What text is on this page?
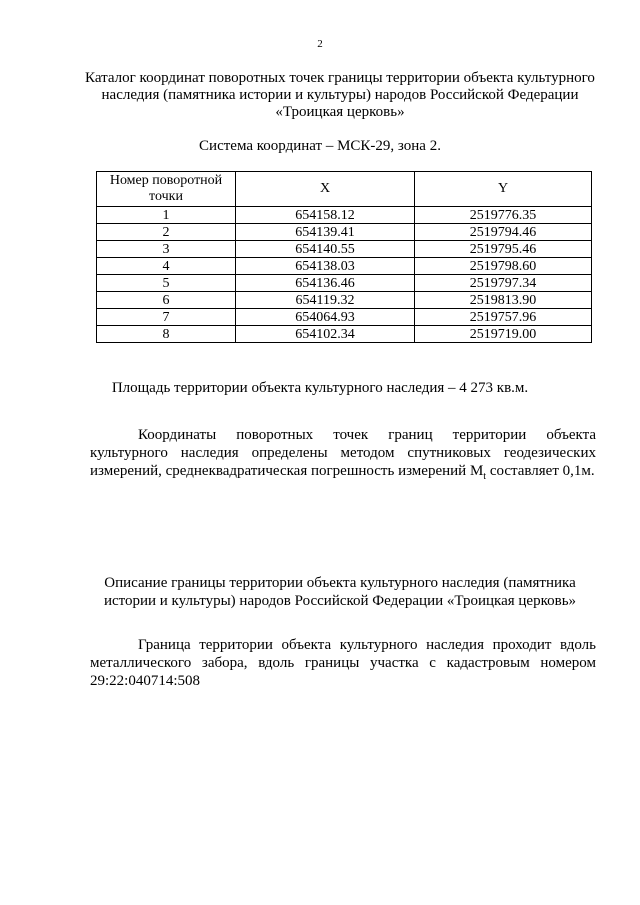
2
Каталог координат поворотных точек границы территории объекта культурного наследия (памятника истории и культуры) народов Российской Федерации «Троицкая церковь»
Система координат – МСК-29, зона 2.
Номер поворотной точки	X	Y
1	654158.12	2519776.35
2	654139.41	2519794.46
3	654140.55	2519795.46
4	654138.03	2519798.60
5	654136.46	2519797.34
6	654119.32	2519813.90
7	654064.93	2519757.96
8	654102.34	2519719.00
Площадь территории объекта культурного наследия – 4 273 кв.м.
Координаты поворотных точек границ территории объекта культурного наследия определены методом спутниковых геодезических измерений, среднеквадратическая погрешность измерений $M_t$ составляет 0,1м.
Описание границы территории объекта культурного наследия (памятника истории и культуры) народов Российской Федерации «Троицкая церковь»
Граница территории объекта культурного наследия проходит вдоль металлического забора, вдоль границы участка с кадастровым номером 29:22:040714:508
